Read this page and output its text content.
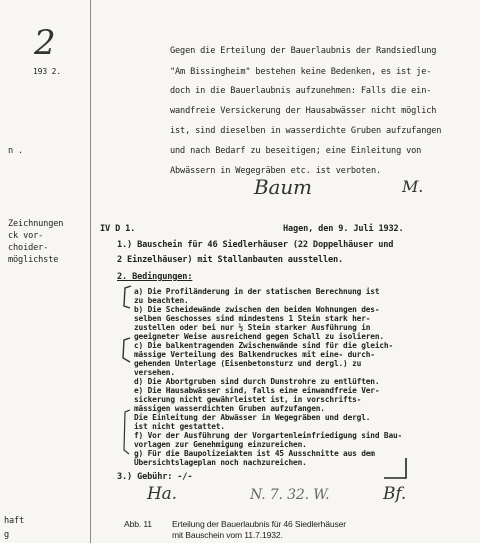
2
193 2.
n .
Zeichnungen
ck vor-
choider-
möglichste
haft
g
Gegen die Erteilung der Bauerlaubnis der Randsiedlung
"Am Bissingheim" bestehen keine Bedenken, es ist je-
doch in die Bauerlaubnis aufzunehmen: Falls die ein-
wandfreie Versickerung der Hausabwässer nicht möglich
ist, sind dieselben in wasserdichte Gruben aufzufangen
und nach Bedarf zu beseitigen; eine Einleitung von
Abwässern in Wegegräben etc. ist verboten.
Baum	M.
IV D 1.	Hagen, den 9. Juli 1932.
1.) Bauschein für 46 Siedlerhäuser (22 Doppelhäuser und
2 Einzelhäuser) mit Stallanbauten ausstellen.
2. Bedingungen:
a) Die Profiländerung in der statischen Berechnung ist
zu beachten.
b) Die Scheidewände zwischen den beiden Wohnungen des-
selben Geschosses sind mindestens 1 Stein stark her-
zustellen oder bei nur ½ Stein starker Ausführung in
geeigneter Weise ausreichend gegen Schall zu isolieren.
c) Die balkentragenden Zwischenwände sind für die gleich-
mässige Verteilung des Balkendruckes mit eine- durch-
gehenden Unterlage (Eisenbetonsturz und dergl.) zu
versehen.
d) Die Abortgruben sind durch Dunstrohre zu entlüften.
e) Die Hausabwässer sind, falls eine einwandfreie Ver-
sickerung nicht gewährleistet ist, in vorschrifts-
mässigen wasserdichten Gruben aufzufangen.
Die Einleitung der Abwässer in Wegegräben und dergl.
ist nicht gestattet.
f) Vor der Ausführung der Vorgartenleinfriedigung sind Bau-
vorlagen zur Genehmigung einzureichen.
g) Für die Baupolizeiakten ist 45 Ausschnitte aus dem
Übersichtslageplan noch nachzureichen.
3.) Gebühr: -/-
Ha.	N. 7. 32. W.	Bf.
Abb. 11 Erteilung der Bauerlaubnis für 46 Siedlerhäuser
mit Bauschein vom 11.7.1932.
